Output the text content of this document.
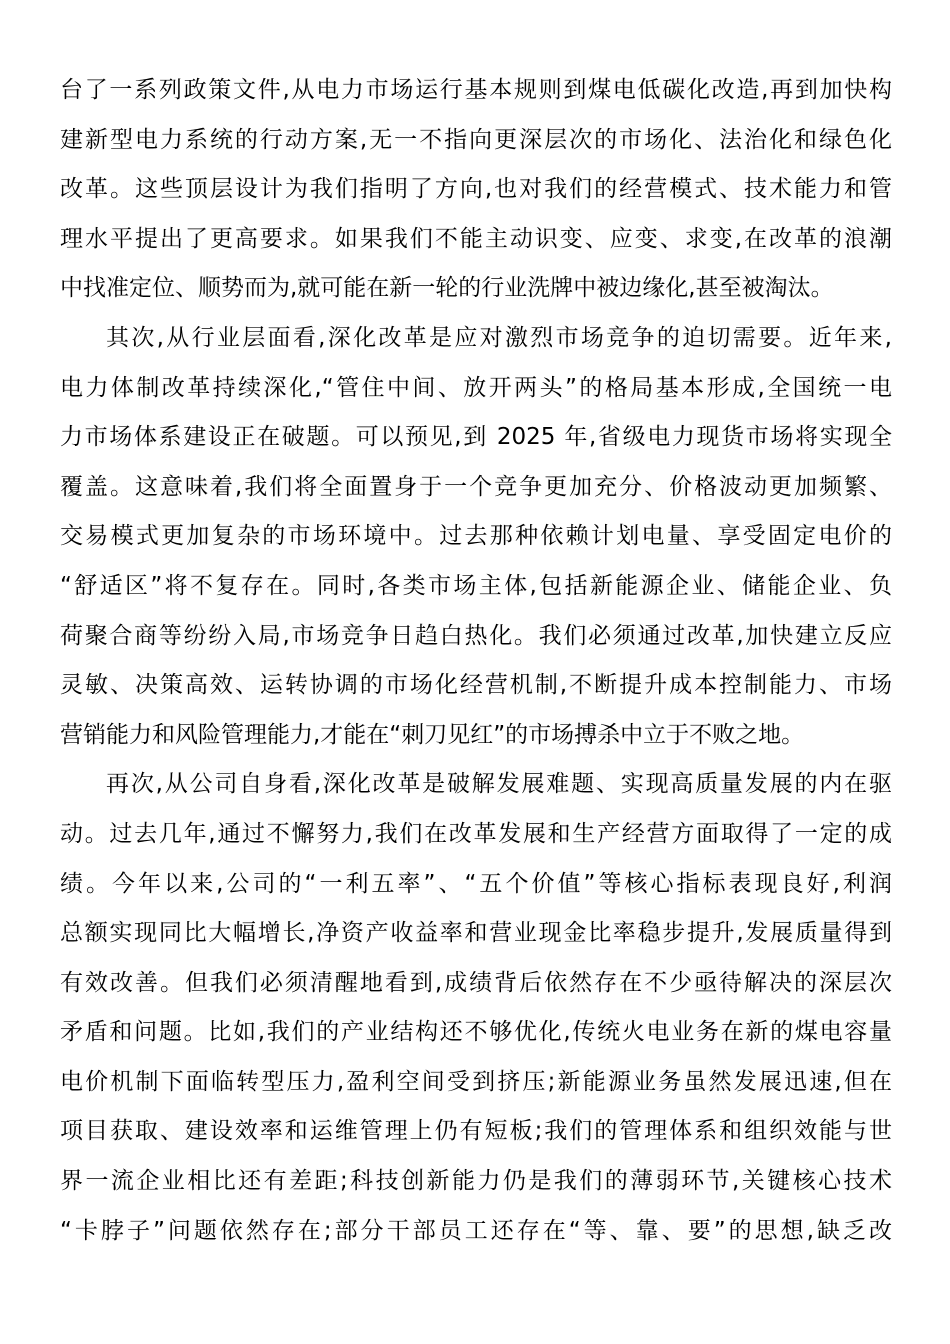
台了一系列政策文件,从电力市场运行基本规则到煤电低碳化改造,再到加快构
建新型电力系统的行动方案,无一不指向更深层次的市场化、法治化和绿色化
改革。这些顶层设计为我们指明了方向,也对我们的经营模式、技术能力和管
理水平提出了更高要求。如果我们不能主动识变、应变、求变,在改革的浪潮
中找准定位、顺势而为,就可能在新一轮的行业洗牌中被边缘化,甚至被淘汰。
其次,从行业层面看,深化改革是应对激烈市场竞争的迫切需要。近年来,
电力体制改革持续深化,“管住中间、放开两头”的格局基本形成,全国统一电
力市场体系建设正在破题。可以预见,到 2025 年,省级电力现货市场将实现全
覆盖。这意味着,我们将全面置身于一个竞争更加充分、价格波动更加频繁、
交易模式更加复杂的市场环境中。过去那种依赖计划电量、享受固定电价的
“舒适区”将不复存在。同时,各类市场主体,包括新能源企业、储能企业、负
荷聚合商等纷纷入局,市场竞争日趋白热化。我们必须通过改革,加快建立反应
灵敏、决策高效、运转协调的市场化经营机制,不断提升成本控制能力、市场
营销能力和风险管理能力,才能在“刺刀见红”的市场搏杀中立于不败之地。
再次,从公司自身看,深化改革是破解发展难题、实现高质量发展的内在驱
动。过去几年,通过不懈努力,我们在改革发展和生产经营方面取得了一定的成
绩。今年以来,公司的“一利五率”、“五个价值”等核心指标表现良好,利润
总额实现同比大幅增长,净资产收益率和营业现金比率稳步提升,发展质量得到
有效改善。但我们必须清醒地看到,成绩背后依然存在不少亟待解决的深层次
矛盾和问题。比如,我们的产业结构还不够优化,传统火电业务在新的煤电容量
电价机制下面临转型压力,盈利空间受到挤压;新能源业务虽然发展迅速,但在
项目获取、建设效率和运维管理上仍有短板;我们的管理体系和组织效能与世
界一流企业相比还有差距;科技创新能力仍是我们的薄弱环节,关键核心技术
“卡脖子”问题依然存在;部分干部员工还存在“等、靠、要”的思想,缺乏改
